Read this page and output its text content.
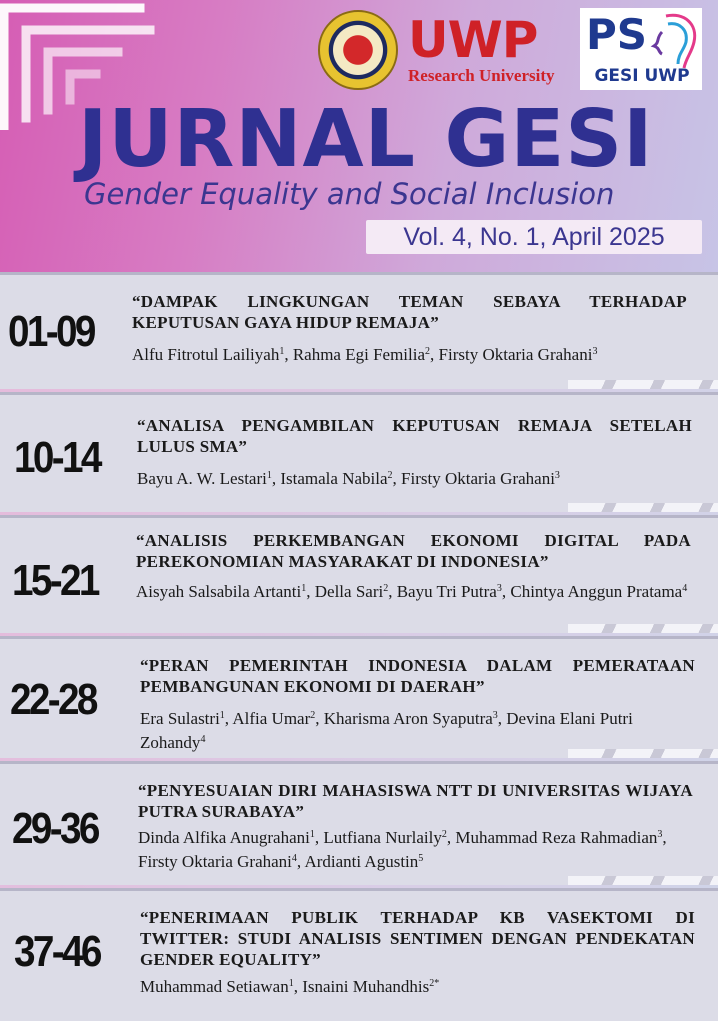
UWP
Research University
PS
GESI UWP
JURNAL GESI
Gender Equality and Social Inclusion
Vol. 4, No. 1, April 2025
01-09
“DAMPAK LINGKUNGAN TEMAN SEBAYA TERHADAP KEPUTUSAN GAYA HIDUP REMAJA”
Alfu Fitrotul Lailiyah$^1$, Rahma Egi Femilia$^2$, Firsty Oktaria Grahani$^3$
10-14
“ANALISA PENGAMBILAN KEPUTUSAN REMAJA SETELAH LULUS SMA”
Bayu A. W. Lestari$^1$, Istamala Nabila$^2$, Firsty Oktaria Grahani$^3$
15-21
“ANALISIS PERKEMBANGAN EKONOMI DIGITAL PADA PEREKONOMIAN MASYARAKAT DI INDONESIA”
Aisyah Salsabila Artanti$^1$, Della Sari$^2$, Bayu Tri Putra$^3$, Chintya Anggun Pratama$^4$
22-28
“PERAN PEMERINTAH INDONESIA DALAM PEMERATAAN PEMBANGUNAN EKONOMI DI DAERAH”
Era Sulastri$^1$, Alfia Umar$^2$, Kharisma Aron Syaputra$^3$, Devina Elani Putri Zohandy$^4$
29-36
“PENYESUAIAN DIRI MAHASISWA NTT DI UNIVERSITAS WIJAYA PUTRA SURABAYA”
Dinda Alfika Anugrahani$^1$, Lutfiana Nurlaily$^2$, Muhammad Reza Rahmadian$^3$, Firsty Oktaria Grahani$^4$, Ardianti Agustin$^5$
37-46
“PENERIMAAN PUBLIK TERHADAP KB VASEKTOMI DI TWITTER: STUDI ANALISIS SENTIMEN DENGAN PENDEKATAN GENDER EQUALITY”
Muhammad Setiawan$^1$, Isnaini Muhandhis$^{2*}$
